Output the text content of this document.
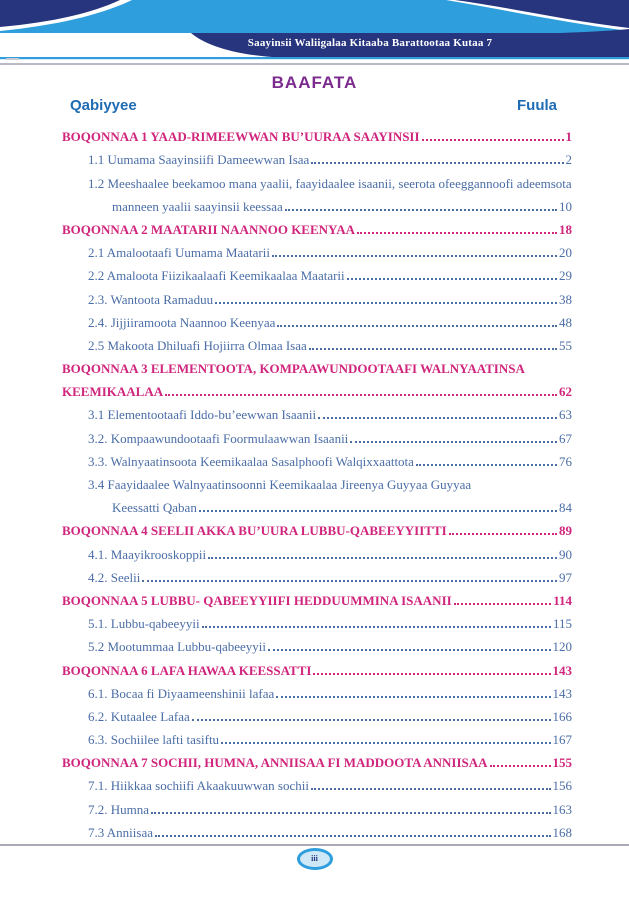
Saayinsii Waliigalaa Kitaaba Barattootaa Kutaa 7
BAAFATA
Qabiyyee	Fuula
BOQONNAA 1 YAAD-RIMEEWWAN BU’UURAA SAAYINSII	1
1.1 Uumama Saayinsiifi Dameewwan Isaa	2
1.2 Meeshaalee beekamoo mana yaalii, faayidaalee isaanii, seerota ofeeggannoofi adeemsota
manneen yaalii saayinsii keessaa	10
BOQONNAA 2 MAATARII NAANNOO KEENYAA	18
2.1 Amalootaafi Uumama Maatarii	20
2.2 Amaloota Fiizikaalaafi Keemikaalaa Maatarii	29
2.3. Wantoota Ramaduu	38
2.4. Jijjiiramoota Naannoo Keenyaa	48
2.5 Makoota Dhiluafi Hojiirra Olmaa Isaa	55
BOQONNAA 3 ELEMENTOOTA, KOMPAAWUNDOOTAAFI WALNYAATINSA
KEEMIKAALAA	62
3.1 Elementootaafi Iddo-bu’eewwan Isaanii	63
3.2. Kompaawundootaafi Foormulaawwan Isaanii	67
3.3. Walnyaatinsoota Keemikaalaa Sasalphoofi Walqixxaattota	76
3.4 Faayidaalee Walnyaatinsoonni Keemikaalaa Jireenya Guyyaa Guyyaa
Keessatti Qaban	84
BOQONNAA 4 SEELII AKKA BU’UURA LUBBU-QABEEYYIITTI	89
4.1. Maayikrooskoppii	90
4.2. Seelii	97
BOQONNAA 5 LUBBU- QABEEYYIIFI HEDDUUMMINA ISAANII	114
5.1. Lubbu-qabeeyyii	115
5.2 Mootummaa Lubbu-qabeeyyii	120
BOQONNAA 6 LAFA HAWAA KEESSATTI	143
6.1. Bocaa fi Diyaameenshinii lafaa	143
6.2. Kutaalee Lafaa	166
6.3. Sochiilee lafti tasiftu	167
BOQONNAA 7 SOCHII, HUMNA, ANNIISAA FI MADDOOTA ANNIISAA	155
7.1. Hiikkaa sochiifi Akaakuuwwan sochii	156
7.2. Humna	163
7.3 Anniisaa	168
iii
